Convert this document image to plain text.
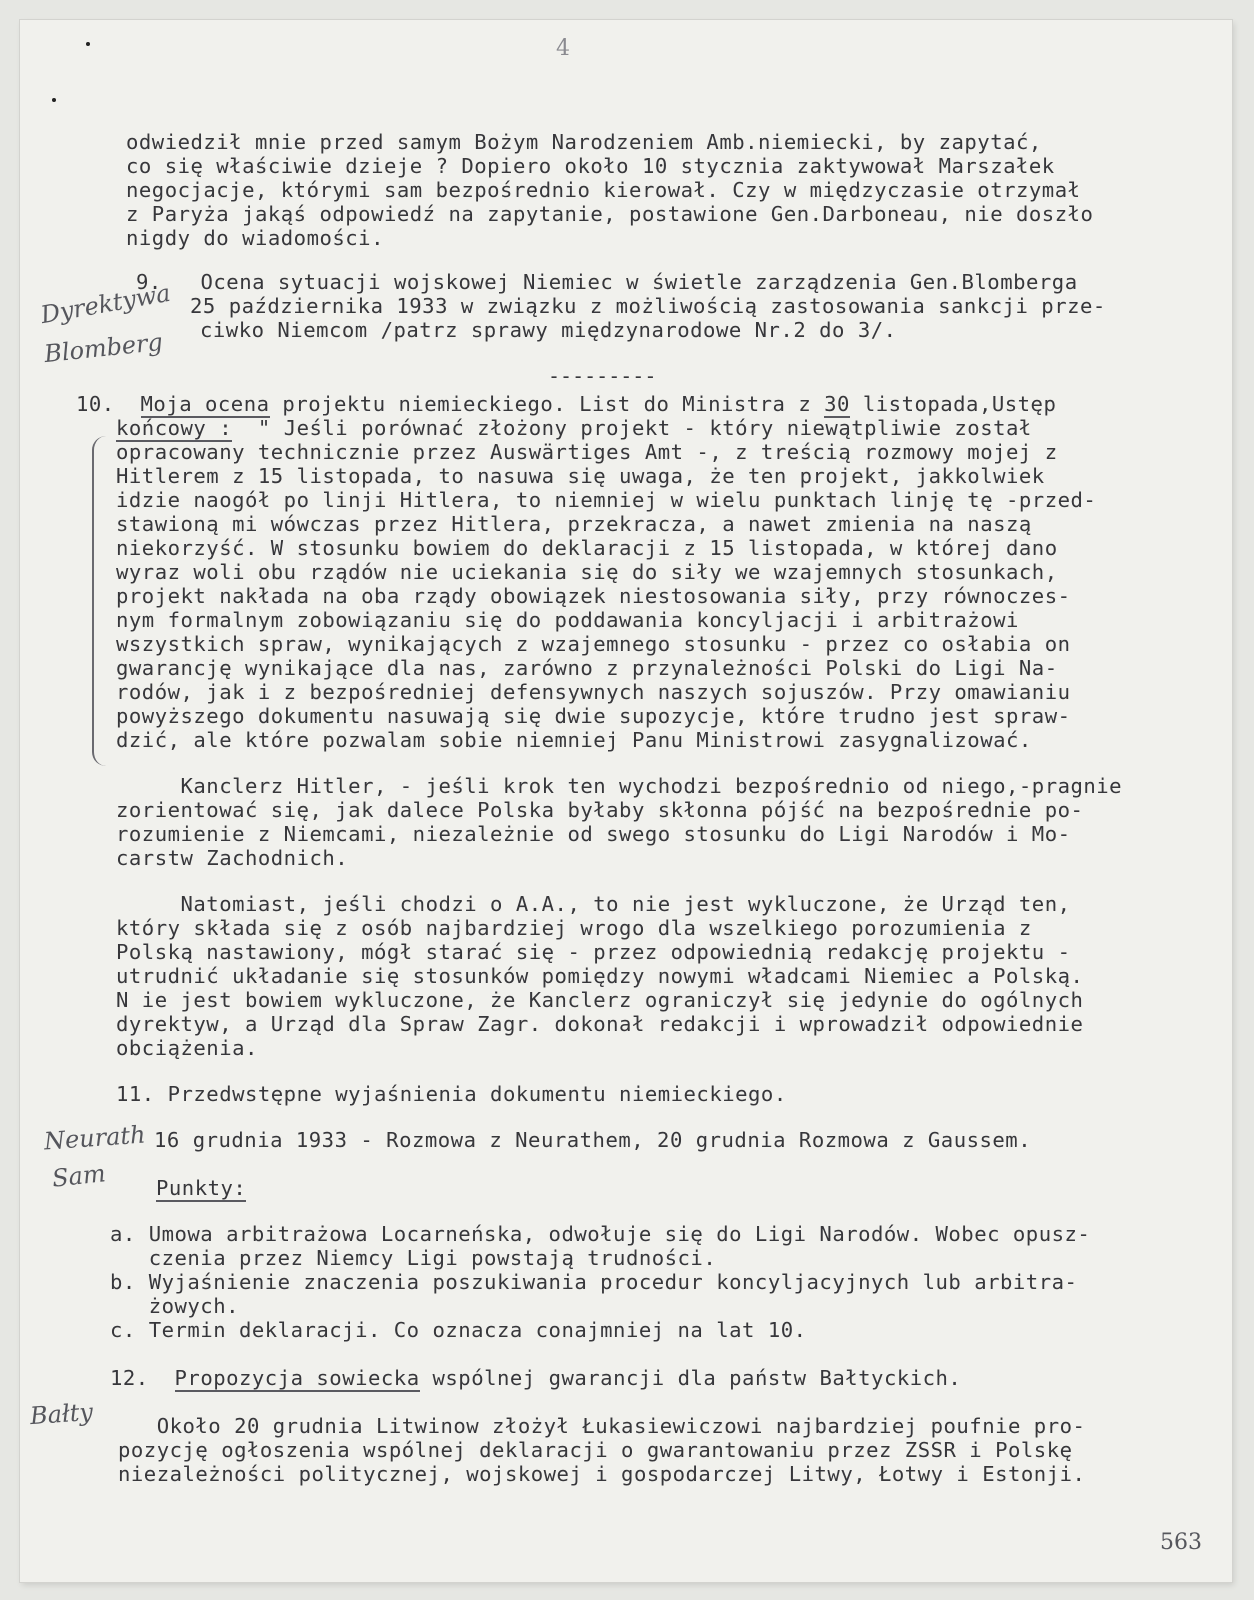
4
odwiedził mnie przed samym Bożym Narodzeniem Amb.niemiecki, by zapytać,
co się właściwie dzieje ? Dopiero około 10 stycznia zaktywował Marszałek
negocjacje, którymi sam bezpośrednio kierował. Czy w międzyczasie otrzymał
z Paryża jakąś odpowiedź na zapytanie, postawione Gen.Darboneau, nie doszło
nigdy do wiadomości.
9.   Ocena sytuacji wojskowej Niemiec w świetle zarządzenia Gen.Blomberga
25 października 1933 w związku z możliwością zastosowania sankcji prze-
ciwko Niemcom /patrz sprawy międzynarodowe Nr.2 do 3/.
Dyrektywa
Blomberg
---------
10. Moja ocena projektu niemieckiego. List do Ministra z 30 listopada,Ustęp
końcowy :  " Jeśli porównać złożony projekt - który niewątpliwie został
opracowany technicznie przez Auswärtiges Amt -, z treścią rozmowy mojej z
Hitlerem z 15 listopada, to nasuwa się uwaga, że ten projekt, jakkolwiek
idzie naogół po linji Hitlera, to niemniej w wielu punktach linję tę -przed-
stawioną mi wówczas przez Hitlera, przekracza, a nawet zmienia na naszą
niekorzyść. W stosunku bowiem do deklaracji z 15 listopada, w której dano
wyraz woli obu rządów nie uciekania się do siły we wzajemnych stosunkach,
projekt nakłada na oba rządy obowiązek niestosowania siły, przy równoczes-
nym formalnym zobowiązaniu się do poddawania koncyljacji i arbitrażowi
wszystkich spraw, wynikających z wzajemnego stosunku - przez co osłabia on
gwarancję wynikające dla nas, zarówno z przynależności Polski do Ligi Na-
rodów, jak i z bezpośredniej defensywnych naszych sojuszów. Przy omawianiu
powyższego dokumentu nasuwają się dwie supozycje, które trudno jest spraw-
dzić, ale które pozwalam sobie niemniej Panu Ministrowi zasygnalizować.
Kanclerz Hitler, - jeśli krok ten wychodzi bezpośrednio od niego,-pragnie
zorientować się, jak dalece Polska byłaby skłonna pójść na bezpośrednie po-
rozumienie z Niemcami, niezależnie od swego stosunku do Ligi Narodów i Mo-
carstw Zachodnich.
Natomiast, jeśli chodzi o A.A., to nie jest wykluczone, że Urząd ten,
który składa się z osób najbardziej wrogo dla wszelkiego porozumienia z
Polską nastawiony, mógł starać się - przez odpowiednią redakcję projektu -
utrudnić układanie się stosunków pomiędzy nowymi władcami Niemiec a Polską.
N ie jest bowiem wykluczone, że Kanclerz ograniczył się jedynie do ogólnych
dyrektyw, a Urząd dla Spraw Zagr. dokonał redakcji i wprowadził odpowiednie
obciążenia.
11. Przedwstępne wyjaśnienia dokumentu niemieckiego.
16 grudnia 1933 - Rozmowa z Neurathem, 20 grudnia Rozmowa z Gaussem.
Neurath
Sam Punkty:
a. Umowa arbitrażowa Locarneńska, odwołuje się do Ligi Narodów. Wobec opusz-
czenia przez Niemcy Ligi powstają trudności.
b. Wyjaśnienie znaczenia poszukiwania procedur koncyljacyjnych lub arbitra-
żowych.
c. Termin deklaracji. Co oznacza conajmniej na lat 10.
12. Propozycja sowiecka wspólnej gwarancji dla państw Bałtyckich.
Bałty Około 20 grudnia Litwinow złożył Łukasiewiczowi najbardziej poufnie pro-
pozycję ogłoszenia wspólnej deklaracji o gwarantowaniu przez ZSSR i Polskę
niezależności politycznej, wojskowej i gospodarczej Litwy, Łotwy i Estonji.
563
